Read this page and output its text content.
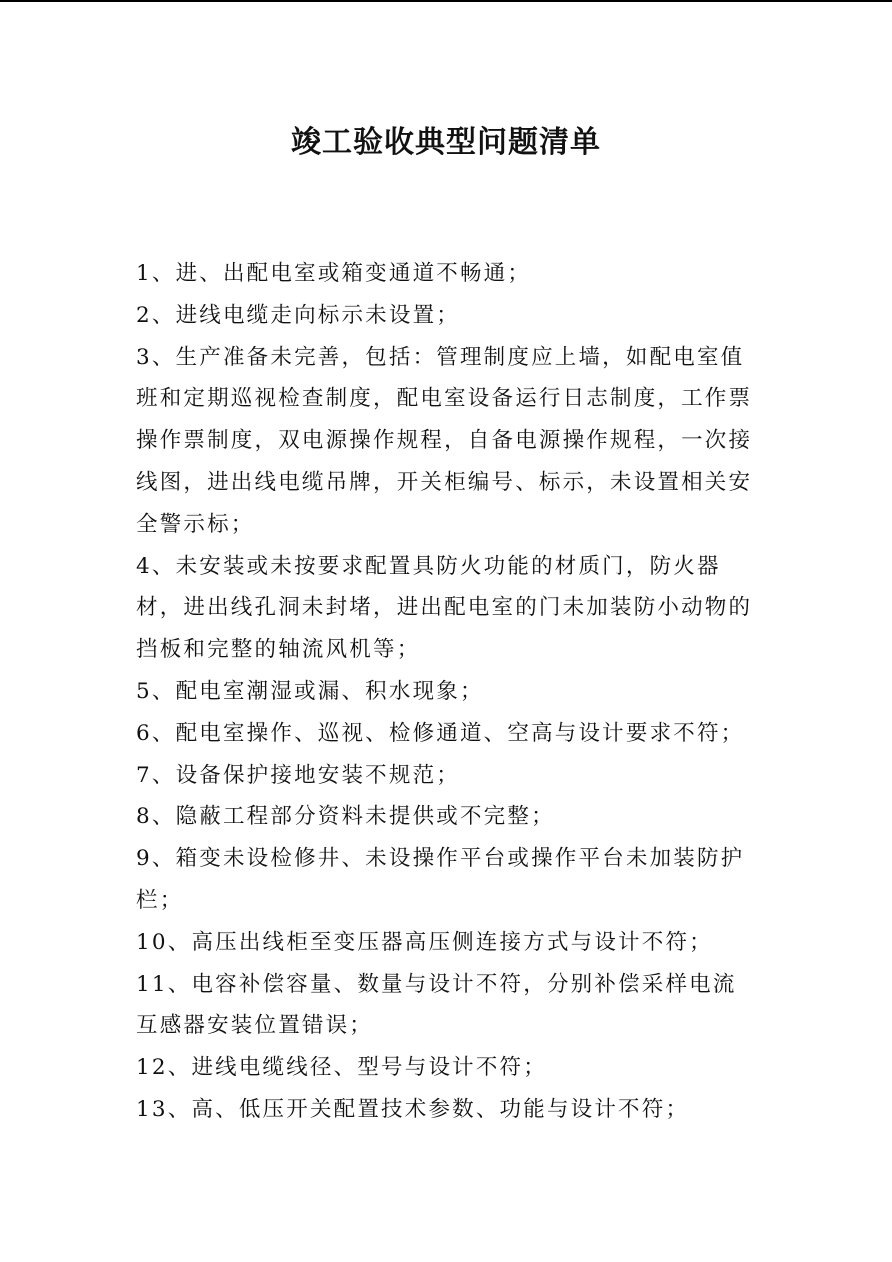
竣工验收典型问题清单
1、进、出配电室或箱变通道不畅通；
2、进线电缆走向标示未设置；
3、生产准备未完善，包括：管理制度应上墙，如配电室值班和定期巡视检查制度，配电室设备运行日志制度，工作票操作票制度，双电源操作规程，自备电源操作规程，一次接线图，进出线电缆吊牌，开关柜编号、标示，未设置相关安全警示标；
4、未安装或未按要求配置具防火功能的材质门，防火器材，进出线孔洞未封堵，进出配电室的门未加装防小动物的挡板和完整的轴流风机等；
5、配电室潮湿或漏、积水现象；
6、配电室操作、巡视、检修通道、空高与设计要求不符；
7、设备保护接地安装不规范；
8、隐蔽工程部分资料未提供或不完整；
9、箱变未设检修井、未设操作平台或操作平台未加装防护栏；
10、高压出线柜至变压器高压侧连接方式与设计不符；
11、电容补偿容量、数量与设计不符，分别补偿采样电流互感器安装位置错误；
12、进线电缆线径、型号与设计不符；
13、高、低压开关配置技术参数、功能与设计不符；
